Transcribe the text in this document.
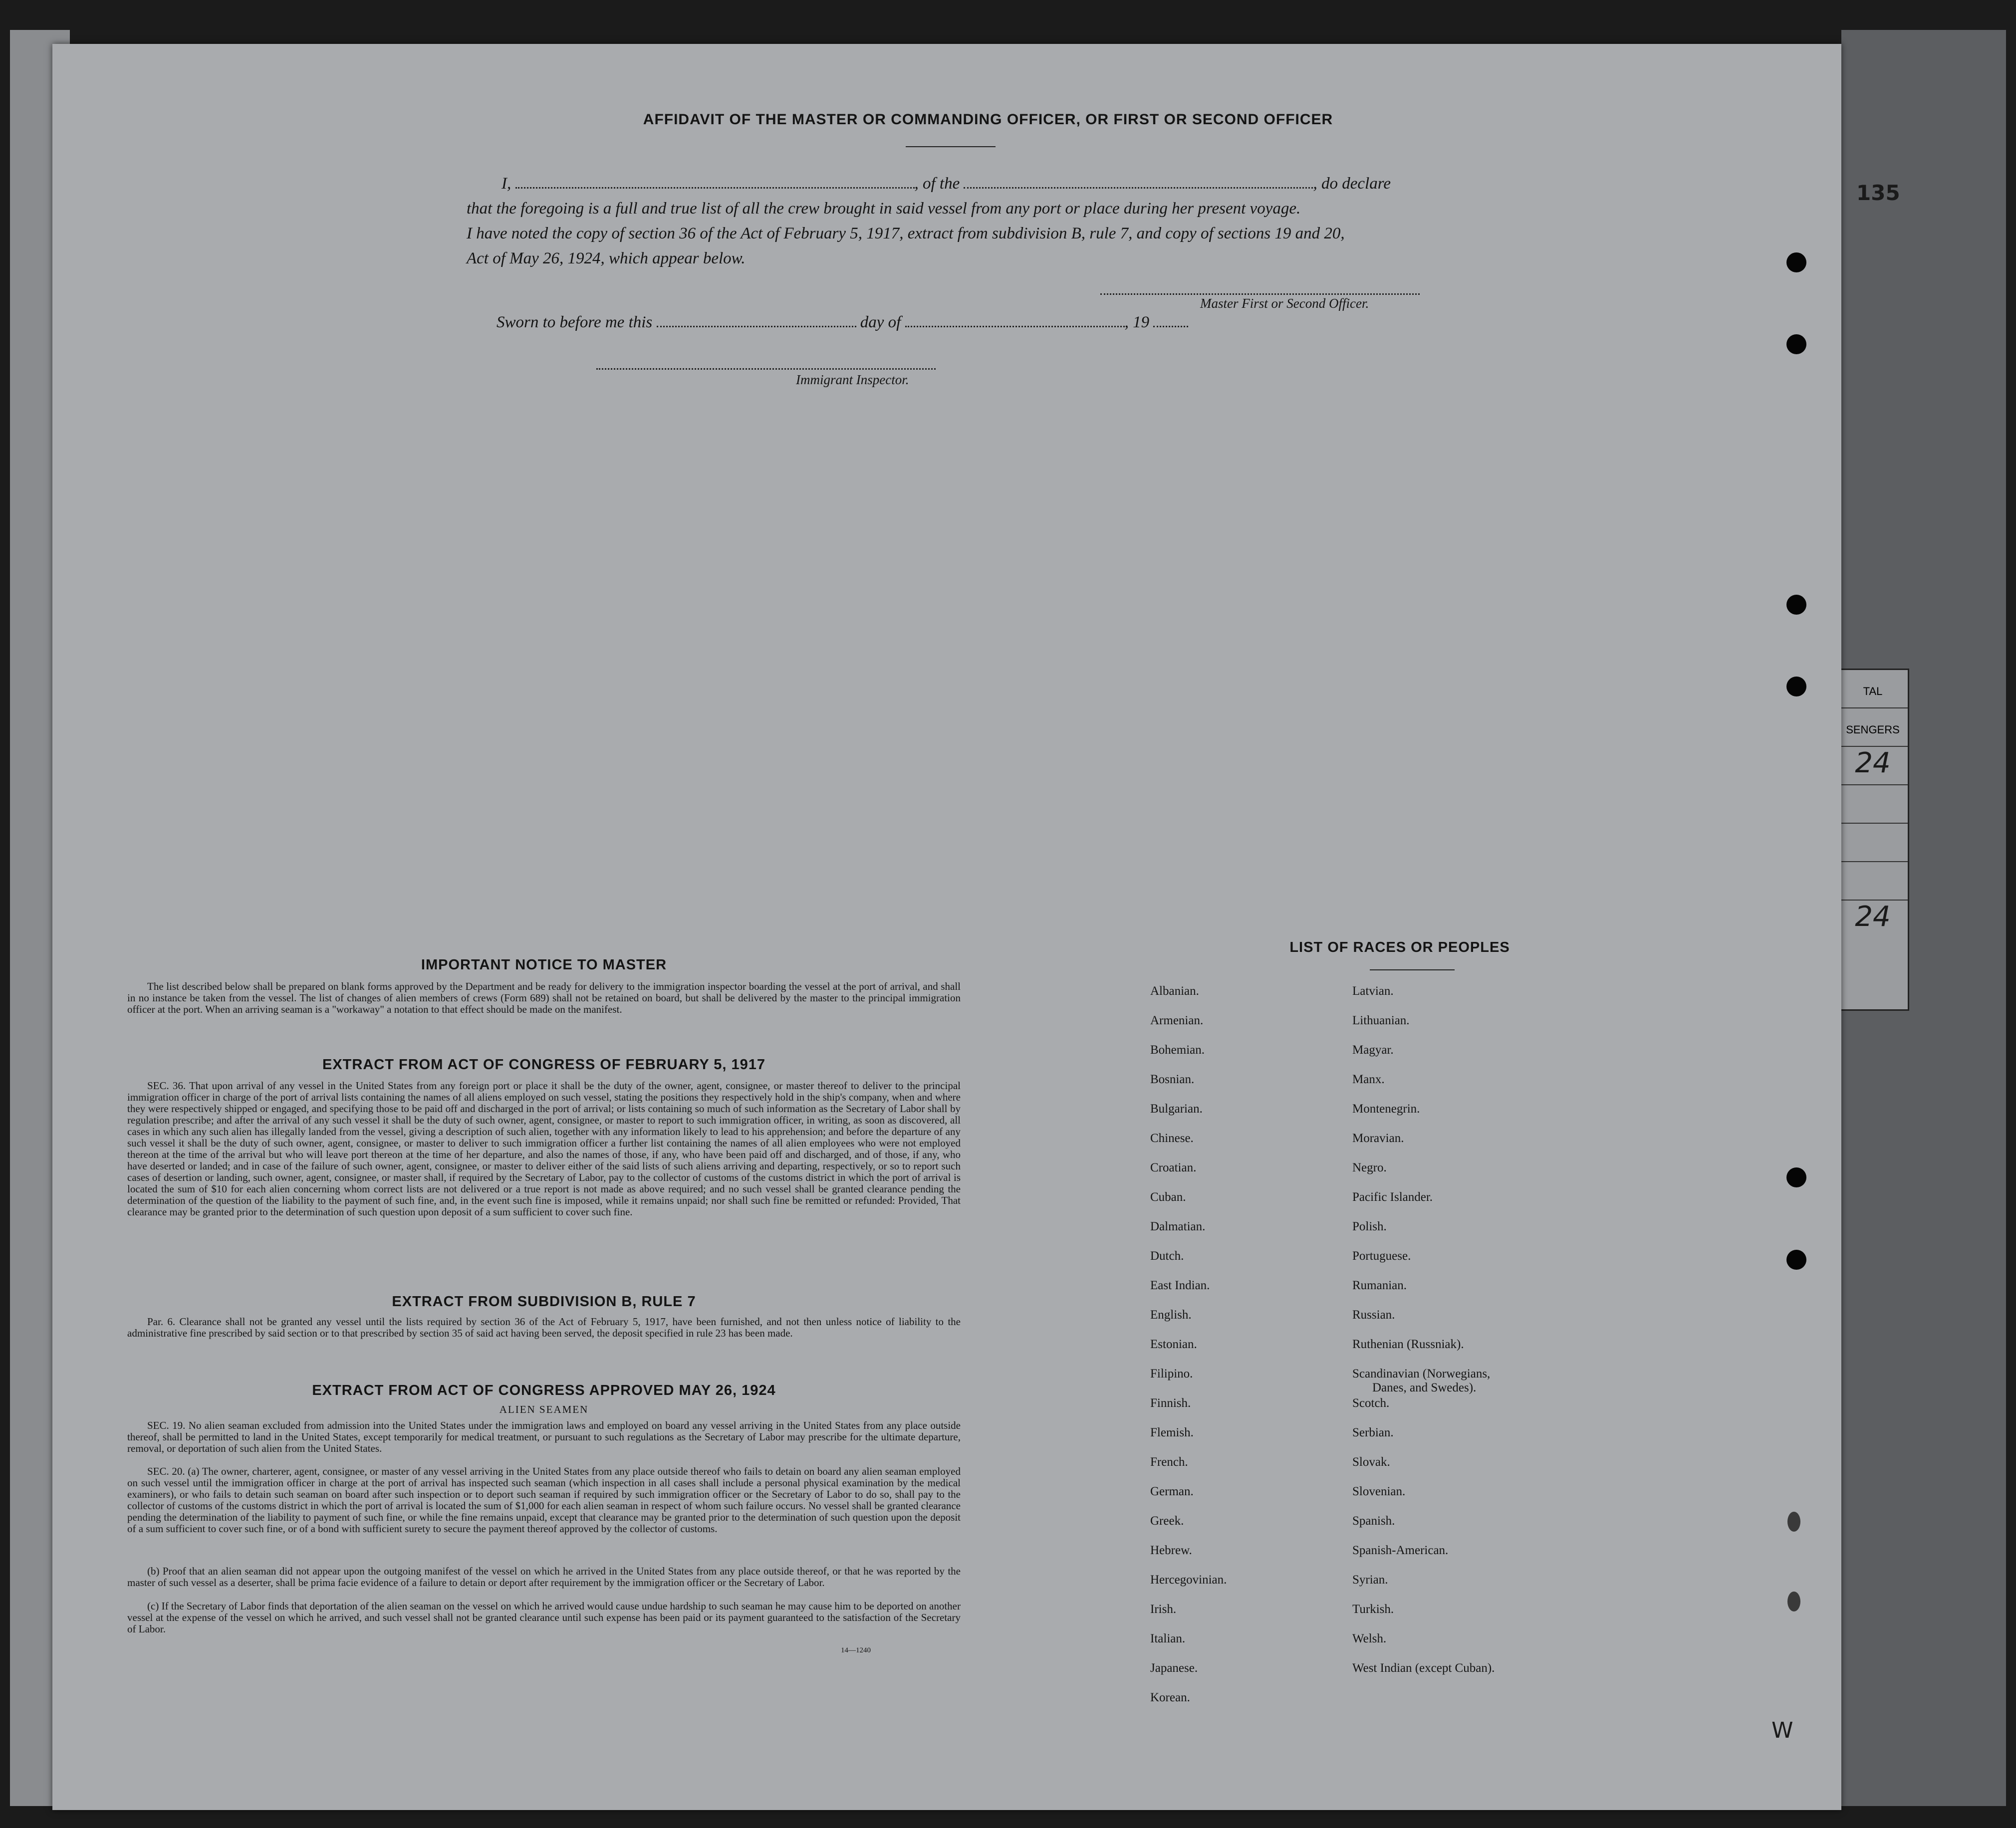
TAL
SENGERS
24
24
135
AFFIDAVIT OF THE MASTER OR COMMANDING OFFICER, OR FIRST OR SECOND OFFICER
I,	, of the	, do declare
that the foregoing is a full and true list of all the crew brought in said vessel from any port or place during her present voyage.
I have noted the copy of section 36 of the Act of February 5, 1917, extract from subdivision B, rule 7, and copy of sections 19 and 20,
Act of May 26, 1924, which appear below.
Master First or Second Officer.
Sworn to before me this	day of	, 19
Immigrant Inspector.
IMPORTANT NOTICE TO MASTER
The list described below shall be prepared on blank forms approved by the Department and be ready for delivery to the immigration inspector boarding the vessel at the port of arrival, and shall in no instance be taken from the vessel. The list of changes of alien members of crews (Form 689) shall not be retained on board, but shall be delivered by the master to the principal immigration officer at the port. When an arriving seaman is a "workaway" a notation to that effect should be made on the manifest.
EXTRACT FROM ACT OF CONGRESS OF FEBRUARY 5, 1917
SEC. 36. That upon arrival of any vessel in the United States from any foreign port or place it shall be the duty of the owner, agent, consignee, or master thereof to deliver to the principal immigration officer in charge of the port of arrival lists containing the names of all aliens employed on such vessel, stating the positions they respectively hold in the ship's company, when and where they were respectively shipped or engaged, and specifying those to be paid off and discharged in the port of arrival; or lists containing so much of such information as the Secretary of Labor shall by regulation prescribe; and after the arrival of any such vessel it shall be the duty of such owner, agent, consignee, or master to report to such immigration officer, in writing, as soon as discovered, all cases in which any such alien has illegally landed from the vessel, giving a description of such alien, together with any information likely to lead to his apprehension; and before the departure of any such vessel it shall be the duty of such owner, agent, consignee, or master to deliver to such immigration officer a further list containing the names of all alien employees who were not employed thereon at the time of the arrival but who will leave port thereon at the time of her departure, and also the names of those, if any, who have been paid off and discharged, and of those, if any, who have deserted or landed; and in case of the failure of such owner, agent, consignee, or master to deliver either of the said lists of such aliens arriving and departing, respectively, or so to report such cases of desertion or landing, such owner, agent, consignee, or master shall, if required by the Secretary of Labor, pay to the collector of customs of the customs district in which the port of arrival is located the sum of $10 for each alien concerning whom correct lists are not delivered or a true report is not made as above required; and no such vessel shall be granted clearance pending the determination of the question of the liability to the payment of such fine, and, in the event such fine is imposed, while it remains unpaid; nor shall such fine be remitted or refunded: Provided, That clearance may be granted prior to the determination of such question upon deposit of a sum sufficient to cover such fine.
EXTRACT FROM SUBDIVISION B, RULE 7
Par. 6. Clearance shall not be granted any vessel until the lists required by section 36 of the Act of February 5, 1917, have been furnished, and not then unless notice of liability to the administrative fine prescribed by said section or to that prescribed by section 35 of said act having been served, the deposit specified in rule 23 has been made.
EXTRACT FROM ACT OF CONGRESS APPROVED MAY 26, 1924
ALIEN SEAMEN
SEC. 19. No alien seaman excluded from admission into the United States under the immigration laws and employed on board any vessel arriving in the United States from any place outside thereof, shall be permitted to land in the United States, except temporarily for medical treatment, or pursuant to such regulations as the Secretary of Labor may prescribe for the ultimate departure, removal, or deportation of such alien from the United States.
SEC. 20. (a) The owner, charterer, agent, consignee, or master of any vessel arriving in the United States from any place outside thereof who fails to detain on board any alien seaman employed on such vessel until the immigration officer in charge at the port of arrival has inspected such seaman (which inspection in all cases shall include a personal physical examination by the medical examiners), or who fails to detain such seaman on board after such inspection or to deport such seaman if required by such immigration officer or the Secretary of Labor to do so, shall pay to the collector of customs of the customs district in which the port of arrival is located the sum of $1,000 for each alien seaman in respect of whom such failure occurs. No vessel shall be granted clearance pending the determination of the liability to payment of such fine, or while the fine remains unpaid, except that clearance may be granted prior to the determination of such question upon the deposit of a sum sufficient to cover such fine, or of a bond with sufficient surety to secure the payment thereof approved by the collector of customs.
(b) Proof that an alien seaman did not appear upon the outgoing manifest of the vessel on which he arrived in the United States from any place outside thereof, or that he was reported by the master of such vessel as a deserter, shall be prima facie evidence of a failure to detain or deport after requirement by the immigration officer or the Secretary of Labor.
(c) If the Secretary of Labor finds that deportation of the alien seaman on the vessel on which he arrived would cause undue hardship to such seaman he may cause him to be deported on another vessel at the expense of the vessel on which he arrived, and such vessel shall not be granted clearance until such expense has been paid or its payment guaranteed to the satisfaction of the Secretary of Labor.
14—1240
LIST OF RACES OR PEOPLES
Albanian.
Armenian.
Bohemian.
Bosnian.
Bulgarian.
Chinese.
Croatian.
Cuban.
Dalmatian.
Dutch.
East Indian.
English.
Estonian.
Filipino.
Finnish.
Flemish.
French.
German.
Greek.
Hebrew.
Hercegovinian.
Irish.
Italian.
Japanese.
Korean.
Latvian.
Lithuanian.
Magyar.
Manx.
Montenegrin.
Moravian.
Negro.
Pacific Islander.
Polish.
Portuguese.
Rumanian.
Russian.
Ruthenian (Russniak).
Scandinavian (Norwegians,
Danes, and Swedes).
Scotch.
Serbian.
Slovak.
Slovenian.
Spanish.
Spanish-American.
Syrian.
Turkish.
Welsh.
West Indian (except Cuban).
W
